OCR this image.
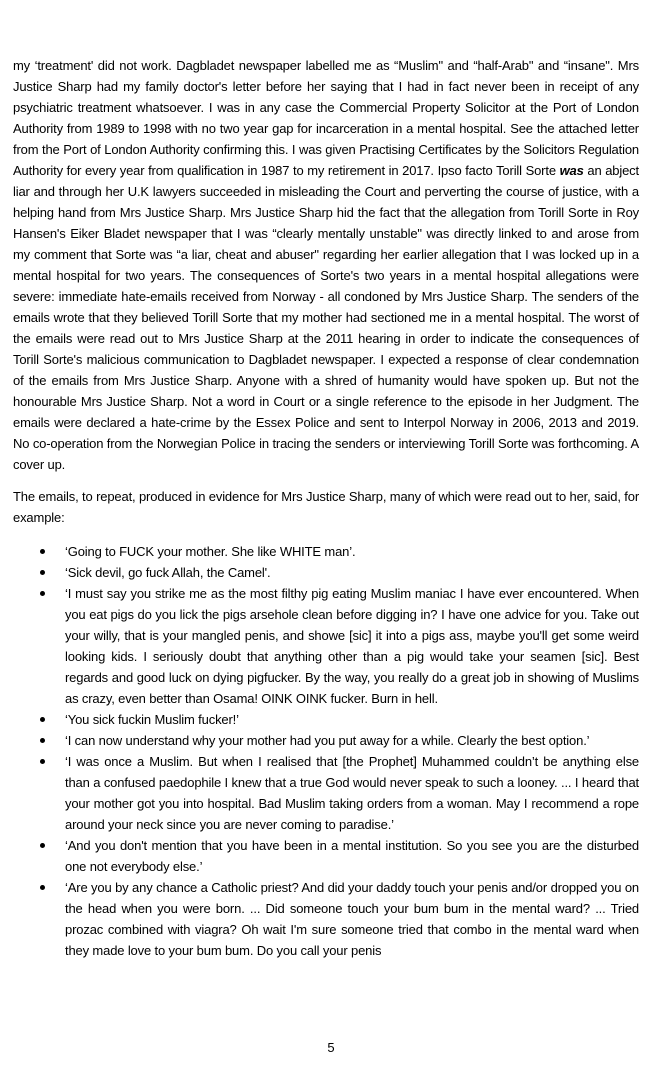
my ‘treatment' did not work. Dagbladet newspaper labelled me as “Muslim" and “half-Arab" and “insane". Mrs Justice Sharp had my family doctor's letter before her saying that I had in fact never been in receipt of any psychiatric treatment whatsoever. I was in any case the Commercial Property Solicitor at the Port of London Authority from 1989 to 1998 with no two year gap for incarceration in a mental hospital. See the attached letter from the Port of London Authority confirming this. I was given Practising Certificates by the Solicitors Regulation Authority for every year from qualification in 1987 to my retirement in 2017. Ipso facto Torill Sorte was an abject liar and through her U.K lawyers succeeded in misleading the Court and perverting the course of justice, with a helping hand from Mrs Justice Sharp. Mrs Justice Sharp hid the fact that the allegation from Torill Sorte in Roy Hansen's Eiker Bladet newspaper that I was “clearly mentally unstable" was directly linked to and arose from my comment that Sorte was “a liar, cheat and abuser" regarding her earlier allegation that I was locked up in a mental hospital for two years. The consequences of Sorte's two years in a mental hospital allegations were severe: immediate hate-emails received from Norway - all condoned by Mrs Justice Sharp. The senders of the emails wrote that they believed Torill Sorte that my mother had sectioned me in a mental hospital. The worst of the emails were read out to Mrs Justice Sharp at the 2011 hearing in order to indicate the consequences of Torill Sorte's malicious communication to Dagbladet newspaper. I expected a response of clear condemnation of the emails from Mrs Justice Sharp. Anyone with a shred of humanity would have spoken up. But not the honourable Mrs Justice Sharp. Not a word in Court or a single reference to the episode in her Judgment. The emails were declared a hate-crime by the Essex Police and sent to Interpol Norway in 2006, 2013 and 2019. No co-operation from the Norwegian Police in tracing the senders or interviewing Torill Sorte was forthcoming. A cover up.

The emails, to repeat, produced in evidence for Mrs Justice Sharp, many of which were read out to her, said, for example:

‘Going to FUCK your mother. She like WHITE man’.
‘Sick devil, go fuck Allah, the Camel'.
‘I must say you strike me as the most filthy pig eating Muslim maniac I have ever encountered. When you eat pigs do you lick the pigs arsehole clean before digging in? I have one advice for you. Take out your willy, that is your mangled penis, and showe [sic] it into a pigs ass, maybe you'll get some weird looking kids. I seriously doubt that anything other than a pig would take your seamen [sic]. Best regards and good luck on dying pigfucker. By the way, you really do a great job in showing of Muslims as crazy, even better than Osama! OINK OINK fucker. Burn in hell.
‘You sick fuckin Muslim fucker!’
‘I can now understand why your mother had you put away for a while. Clearly the best option.’
‘I was once a Muslim. But when I realised that [the Prophet] Muhammed couldn’t be anything else than a confused paedophile I knew that a true God would never speak to such a looney. ... I heard that your mother got you into hospital. Bad Muslim taking orders from a woman. May I recommend a rope around your neck since you are never coming to paradise.’
‘And you don't mention that you have been in a mental institution. So you see you are the disturbed one not everybody else.’
‘Are you by any chance a Catholic priest? And did your daddy touch your penis and/or dropped you on the head when you were born. ... Did someone touch your bum bum in the mental ward? ... Tried prozac combined with viagra? Oh wait I'm sure someone tried that combo in the mental ward when they made love to your bum bum. Do you call your penis
5
